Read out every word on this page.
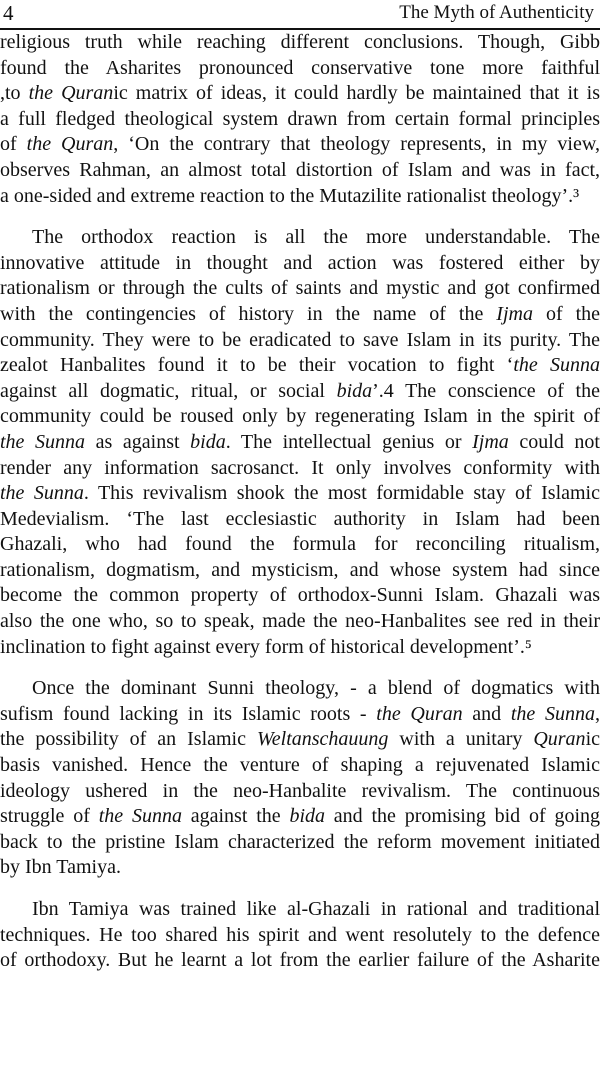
4	The Myth of Authenticity
religious truth while reaching different conclusions. Though, Gibb
found the Asharites pronounced conservative tone more faithful
,to the Quranic matrix of ideas, it could hardly be maintained that it is
a full fledged theological system drawn from certain formal principles
of the Quran, ‘On the contrary that theology represents, in my view,
observes Rahman, an almost total distortion of Islam and was in fact,
a one-sided and extreme reaction to the Mutazilite rationalist theology’.³
The orthodox reaction is all the more understandable. The
innovative attitude in thought and action was fostered either by
rationalism or through the cults of saints and mystic and got confirmed
with the contingencies of history in the name of the Ijma of the
community. They were to be eradicated to save Islam in its purity. The
zealot Hanbalites found it to be their vocation to fight ‘the Sunna
against all dogmatic, ritual, or social bida’.4 The conscience of the
community could be roused only by regenerating Islam in the spirit of
the Sunna as against bida. The intellectual genius or Ijma could not
render any information sacrosanct. It only involves conformity with
the Sunna. This revivalism shook the most formidable stay of Islamic
Medevialism. ‘The last ecclesiastic authority in Islam had been
Ghazali, who had found the formula for reconciling ritualism,
rationalism, dogmatism, and mysticism, and whose system had since
become the common property of orthodox-Sunni Islam. Ghazali was
also the one who, so to speak, made the neo-Hanbalites see red in their
inclination to fight against every form of historical development’.⁵
Once the dominant Sunni theology, - a blend of dogmatics with
sufism found lacking in its Islamic roots - the Quran and the Sunna,
the possibility of an Islamic Weltanschauung with a unitary Quranic
basis vanished. Hence the venture of shaping a rejuvenated Islamic
ideology ushered in the neo-Hanbalite revivalism. The continuous
struggle of the Sunna against the bida and the promising bid of going
back to the pristine Islam characterized the reform movement initiated
by Ibn Tamiya.
Ibn Tamiya was trained like al-Ghazali in rational and traditional
techniques. He too shared his spirit and went resolutely to the defence
of orthodoxy. But he learnt a lot from the earlier failure of the Asharite
